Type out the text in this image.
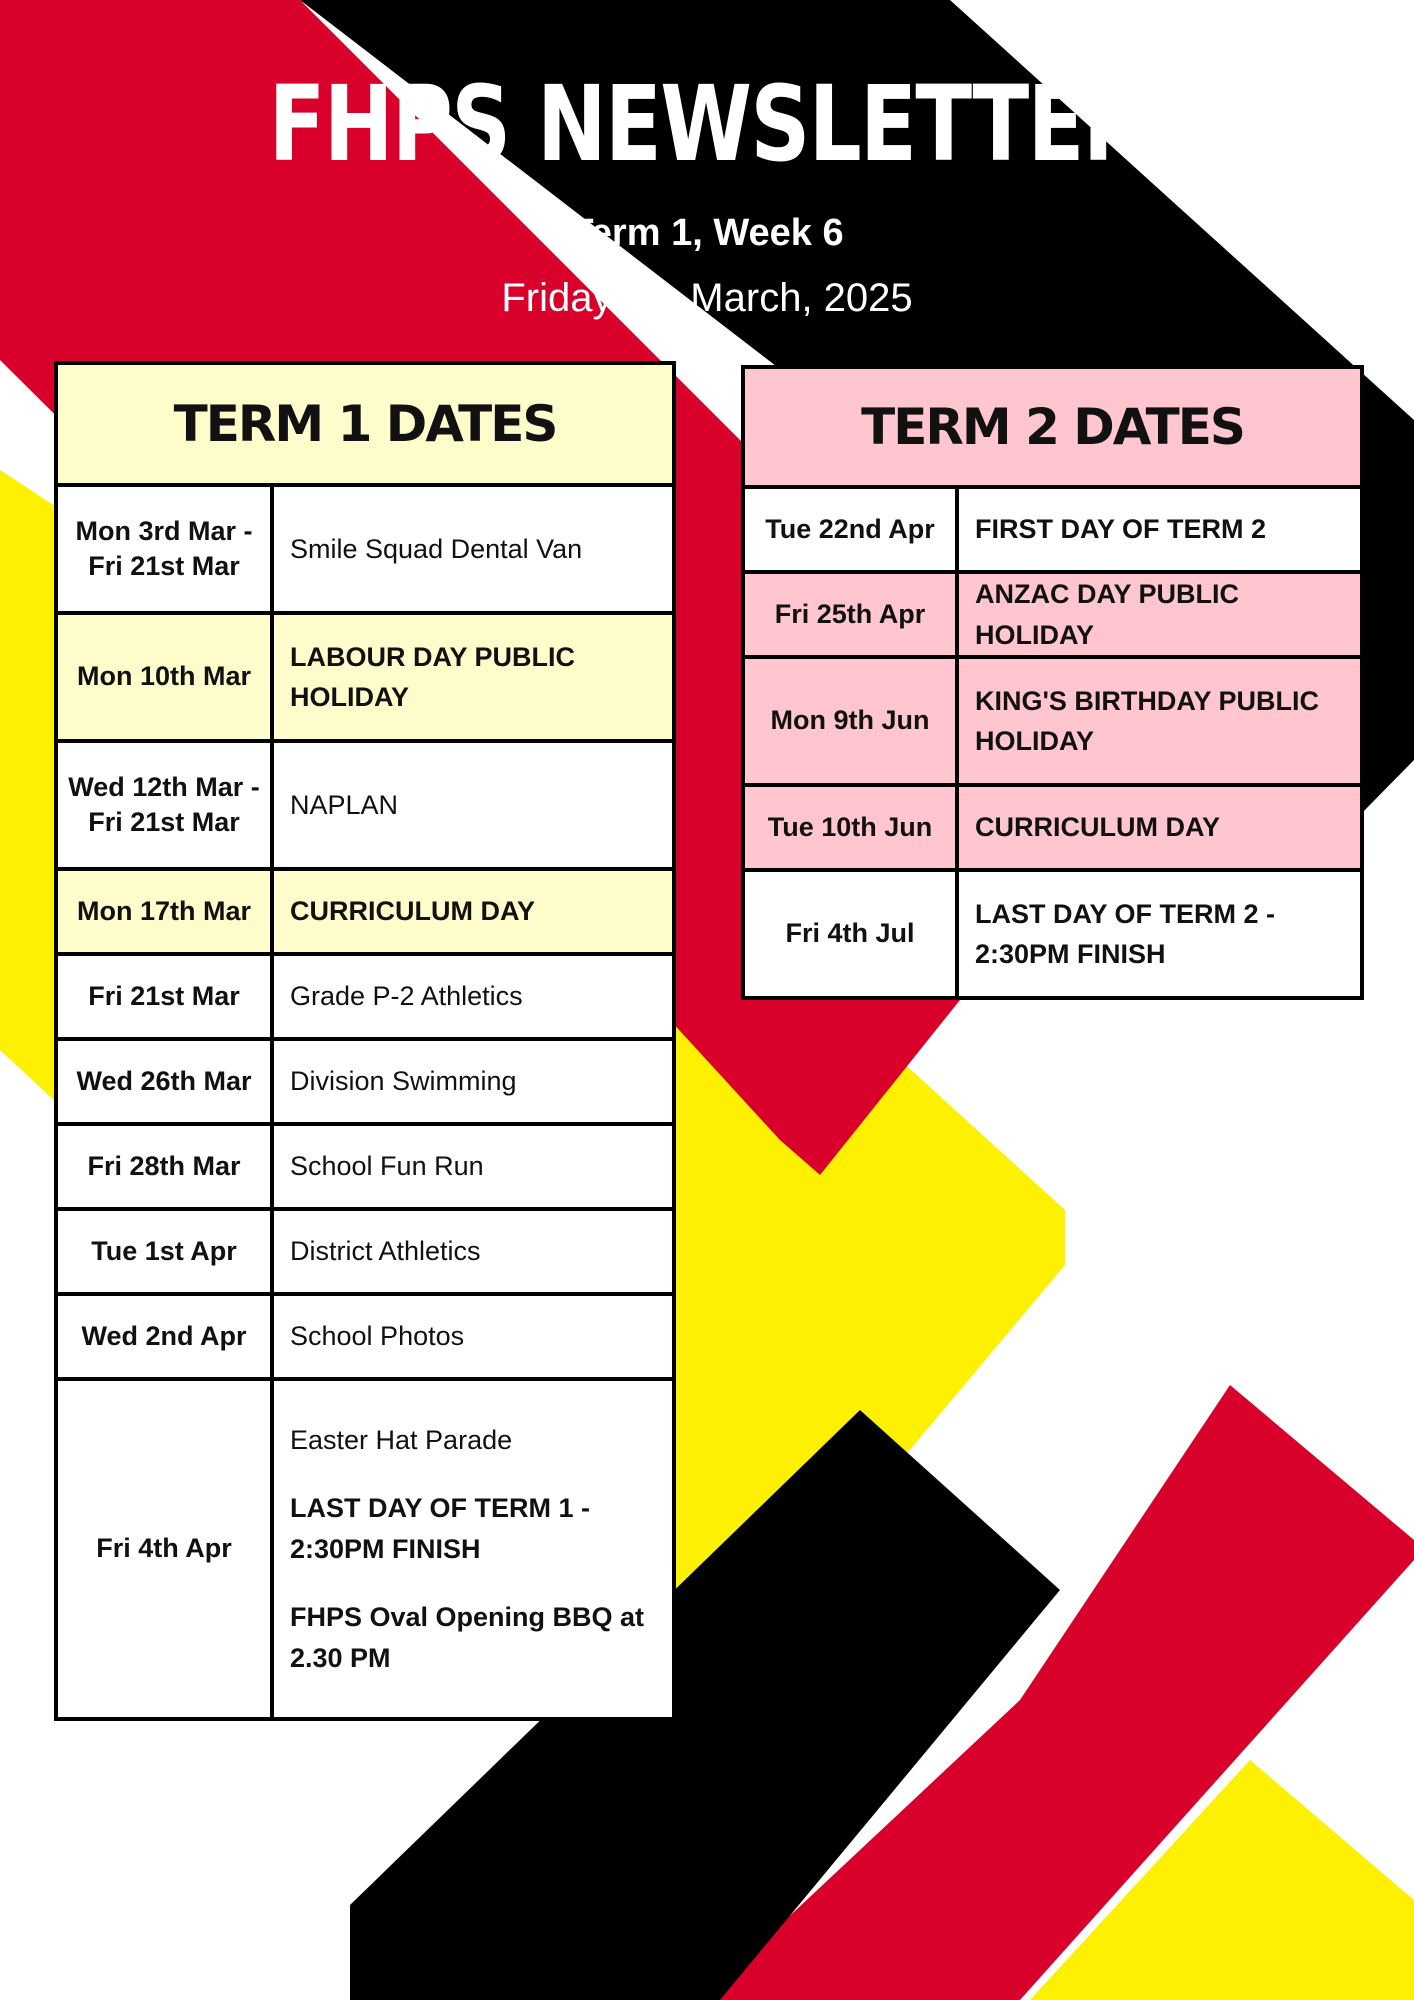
FHPS NEWSLETTER
Term 1, Week 6
Friday 7th March, 2025
TERM 1 DATES	
Mon 3rd Mar - Fri 21st Mar	Smile Squad Dental Van
Mon 10th Mar	LABOUR DAY PUBLIC HOLIDAY
Wed 12th Mar - Fri 21st Mar	NAPLAN
Mon 17th Mar	CURRICULUM DAY
Fri 21st Mar	Grade P-2 Athletics
Wed 26th Mar	Division Swimming
Fri 28th Mar	School Fun Run
Tue 1st Apr	District Athletics
Wed 2nd Apr	School Photos
Fri 4th Apr	Easter Hat Parade
LAST DAY OF TERM 1 - 2:30PM FINISH
FHPS Oval Opening BBQ at 2.30 PM
TERM 2 DATES	
Tue 22nd Apr	FIRST DAY OF TERM 2
Fri 25th Apr	ANZAC DAY PUBLIC HOLIDAY
Mon 9th Jun	KING'S BIRTHDAY PUBLIC HOLIDAY
Tue 10th Jun	CURRICULUM DAY
Fri 4th Jul	LAST DAY OF TERM 2 - 2:30PM FINISH
